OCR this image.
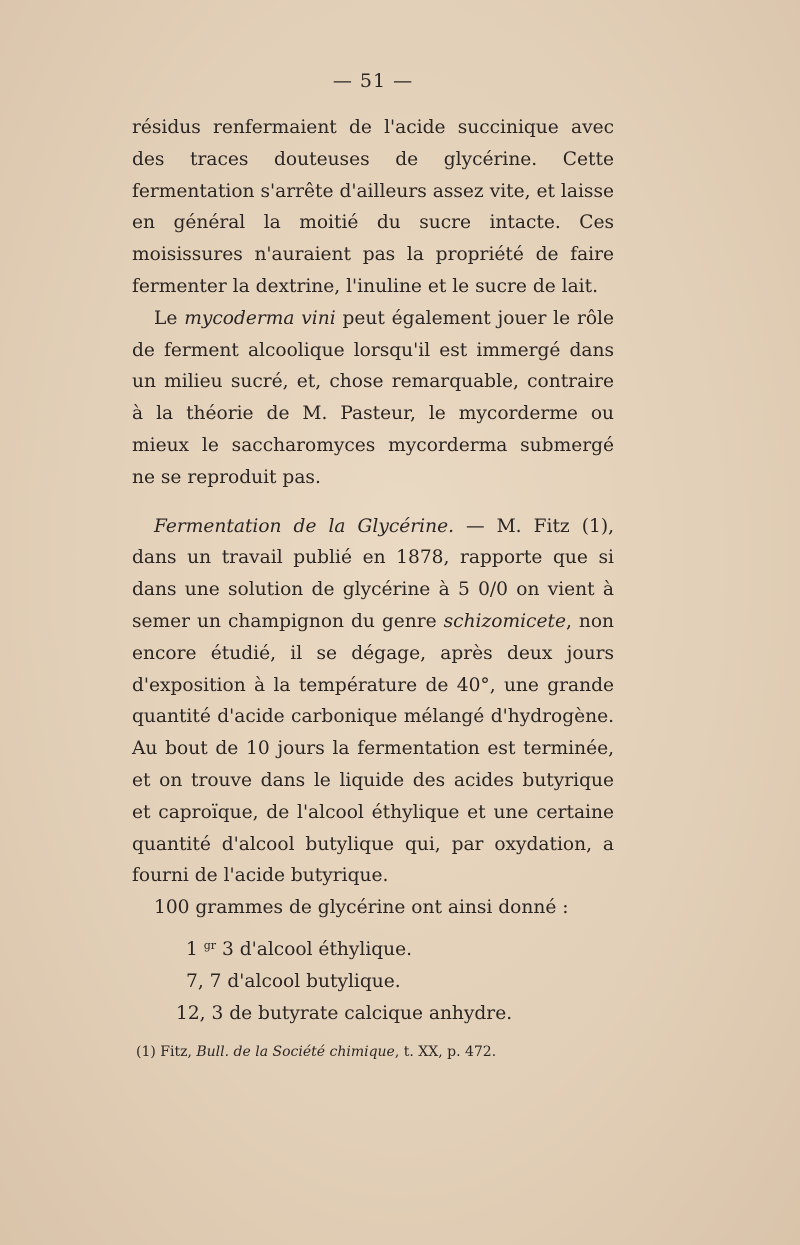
— 51 —

résidus renfermaient de l'acide succinique avec des traces douteuses de glycérine. Cette fermentation s'arrête d'ailleurs assez vite, et laisse en général la moitié du sucre intacte. Ces moisissures n'auraient pas la propriété de faire fermenter la dextrine, l'inuline et le sucre de lait.

Le mycoderma vini peut également jouer le rôle de ferment alcoolique lorsqu'il est immergé dans un milieu sucré, et, chose remarquable, contraire à la théorie de M. Pasteur, le mycorderme ou mieux le saccharomyces mycorderma submergé ne se reproduit pas.

Fermentation de la Glycérine. — M. Fitz (1), dans un travail publié en 1878, rapporte que si dans une solution de glycérine à 5 0/0 on vient à semer un champignon du genre schizomicete, non encore étudié, il se dégage, après deux jours d'exposition à la température de 40°, une grande quantité d'acide carbonique mélangé d'hydrogène. Au bout de 10 jours la fermentation est terminée, et on trouve dans le liquide des acides butyrique et caproïque, de l'alcool éthylique et une certaine quantité d'alcool butylique qui, par oxydation, a fourni de l'acide butyrique.

100 grammes de glycérine ont ainsi donné :

1 $^{gr}$ 3 d'alcool éthylique.
7, 7 d'alcool butylique.
12, 3 de butyrate calcique anhydre.
(1) Fitz, Bull. de la Société chimique, t. XX, p. 472.
